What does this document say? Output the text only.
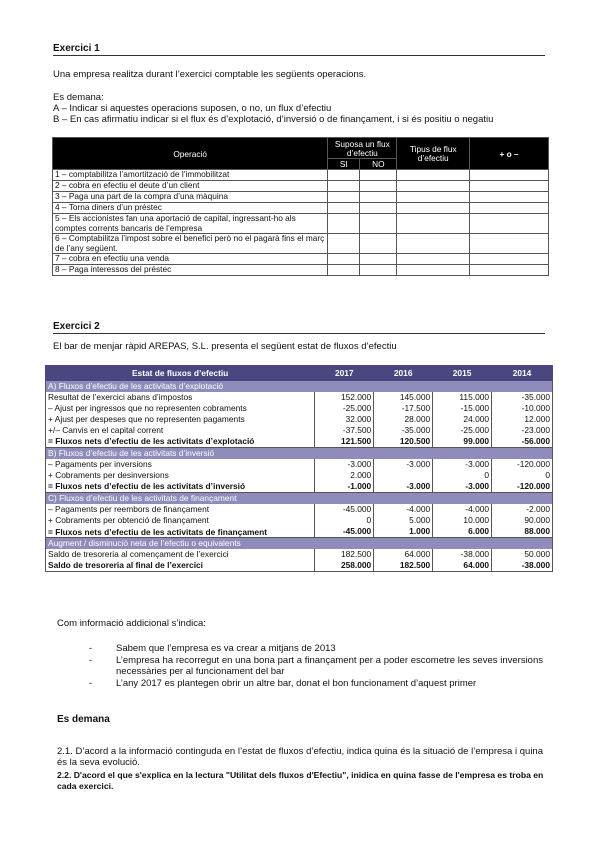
Exercici 1

Una empresa realitza durant l’exercici comptable les següents operacions.

Es demana:

A – Indicar si aquestes operacions suposen, o no, un flux d’efectiu

B – En cas afirmatiu indicar si el flux és d’explotació, d’inversió o de finançament, i si és positiu o negatiu

Operació	Suposa un flux d’efectiu		Tipus de flux d’efectiu	+ o –
	SI	NO		
1 – comptabilitza l’amortització de l’immobilitzat				
2 – cobra en efectiu el deute d’un client				
3 – Paga una part de la compra d’una màquina				
4 – Torna diners d’un préstec				
5 – Els accionistes fan una aportació de capital, ingressant-ho als comptes corrents bancaris de l’empresa				
6 – Comptabilitza l’impost sobre el benefici però no el pagarà fins el març de l’any següent.				
7 – cobra en efectiu una venda				
8 – Paga interessos del préstec				
Exercici 2

El bar de menjar ràpid AREPAS, S.L. presenta el següent estat de fluxos d’efectiu

Estat de fluxos d’efectiu	2017	2016	2015	2014
A) Fluxos d’efectiu de les activitats d’explotació				
Resultat de l’exercici abans d’impostos	152.000	145.000	115.000	-35.000
– Ajust per ingressos que no representen cobraments	-25.000	-17.500	-15.000	-10.000
+ Ajust per despeses que no representen pagaments	32.000	28.000	24.000	12.000
+/– Canvis en el capital corrent	-37.500	-35.000	-25.000	-23.000
= Fluxos nets d’efectiu de les activitats d’explotació	121.500	120.500	99.000	-56.000
B) Fluxos d’efectiu de les activitats d’inversió				
– Pagaments per inversions	-3.000	-3.000	-3.000	-120.000
+ Cobraments per desinversions	2.000		0	0
= Fluxos nets d’efectiu de les activitats d’inversió	-1.000	-3.000	-3.000	-120.000
C) Fluxos d’efectiu de les activitats de finançament				
– Pagaments per reembors de finançament	-45.000	-4.000	-4.000	-2.000
+ Cobraments per obtenció de finançament	0	5.000	10.000	90.000
= Fluxos nets d’efectiu de les activitats de finançament	-45.000	1.000	6.000	88.000
Augment / disminució neta de l’efectiu o equivalents				
Saldo de tresoreria al començament de l’exercici	182.500	64.000	-38.000	50.000
Saldo de tresoreria al final de l’exercici	258.000	182.500	64.000	-38.000

Com informació addicional s’indica:

- Sabem que l’empresa es va crear a mitjans de 2013
- L’empresa ha recorregut en una bona part a finançament per a poder escometre les seves inversions necessàries per al funcionament del bar
- L’any 2017 es plantegen obrir un altre bar, donat el bon funcionament d’aquest primer
Es demana

2.1. D’acord a la informació continguda en l’estat de fluxos d’efectiu, indica quina és la situació de l’empresa i quina és la seva evolució.

2.2. D'acord el que s'explica en la lectura "Utilitat dels fluxos d'Efectiu", inidica en quina fasse de l'empresa es troba en cada exercici.
